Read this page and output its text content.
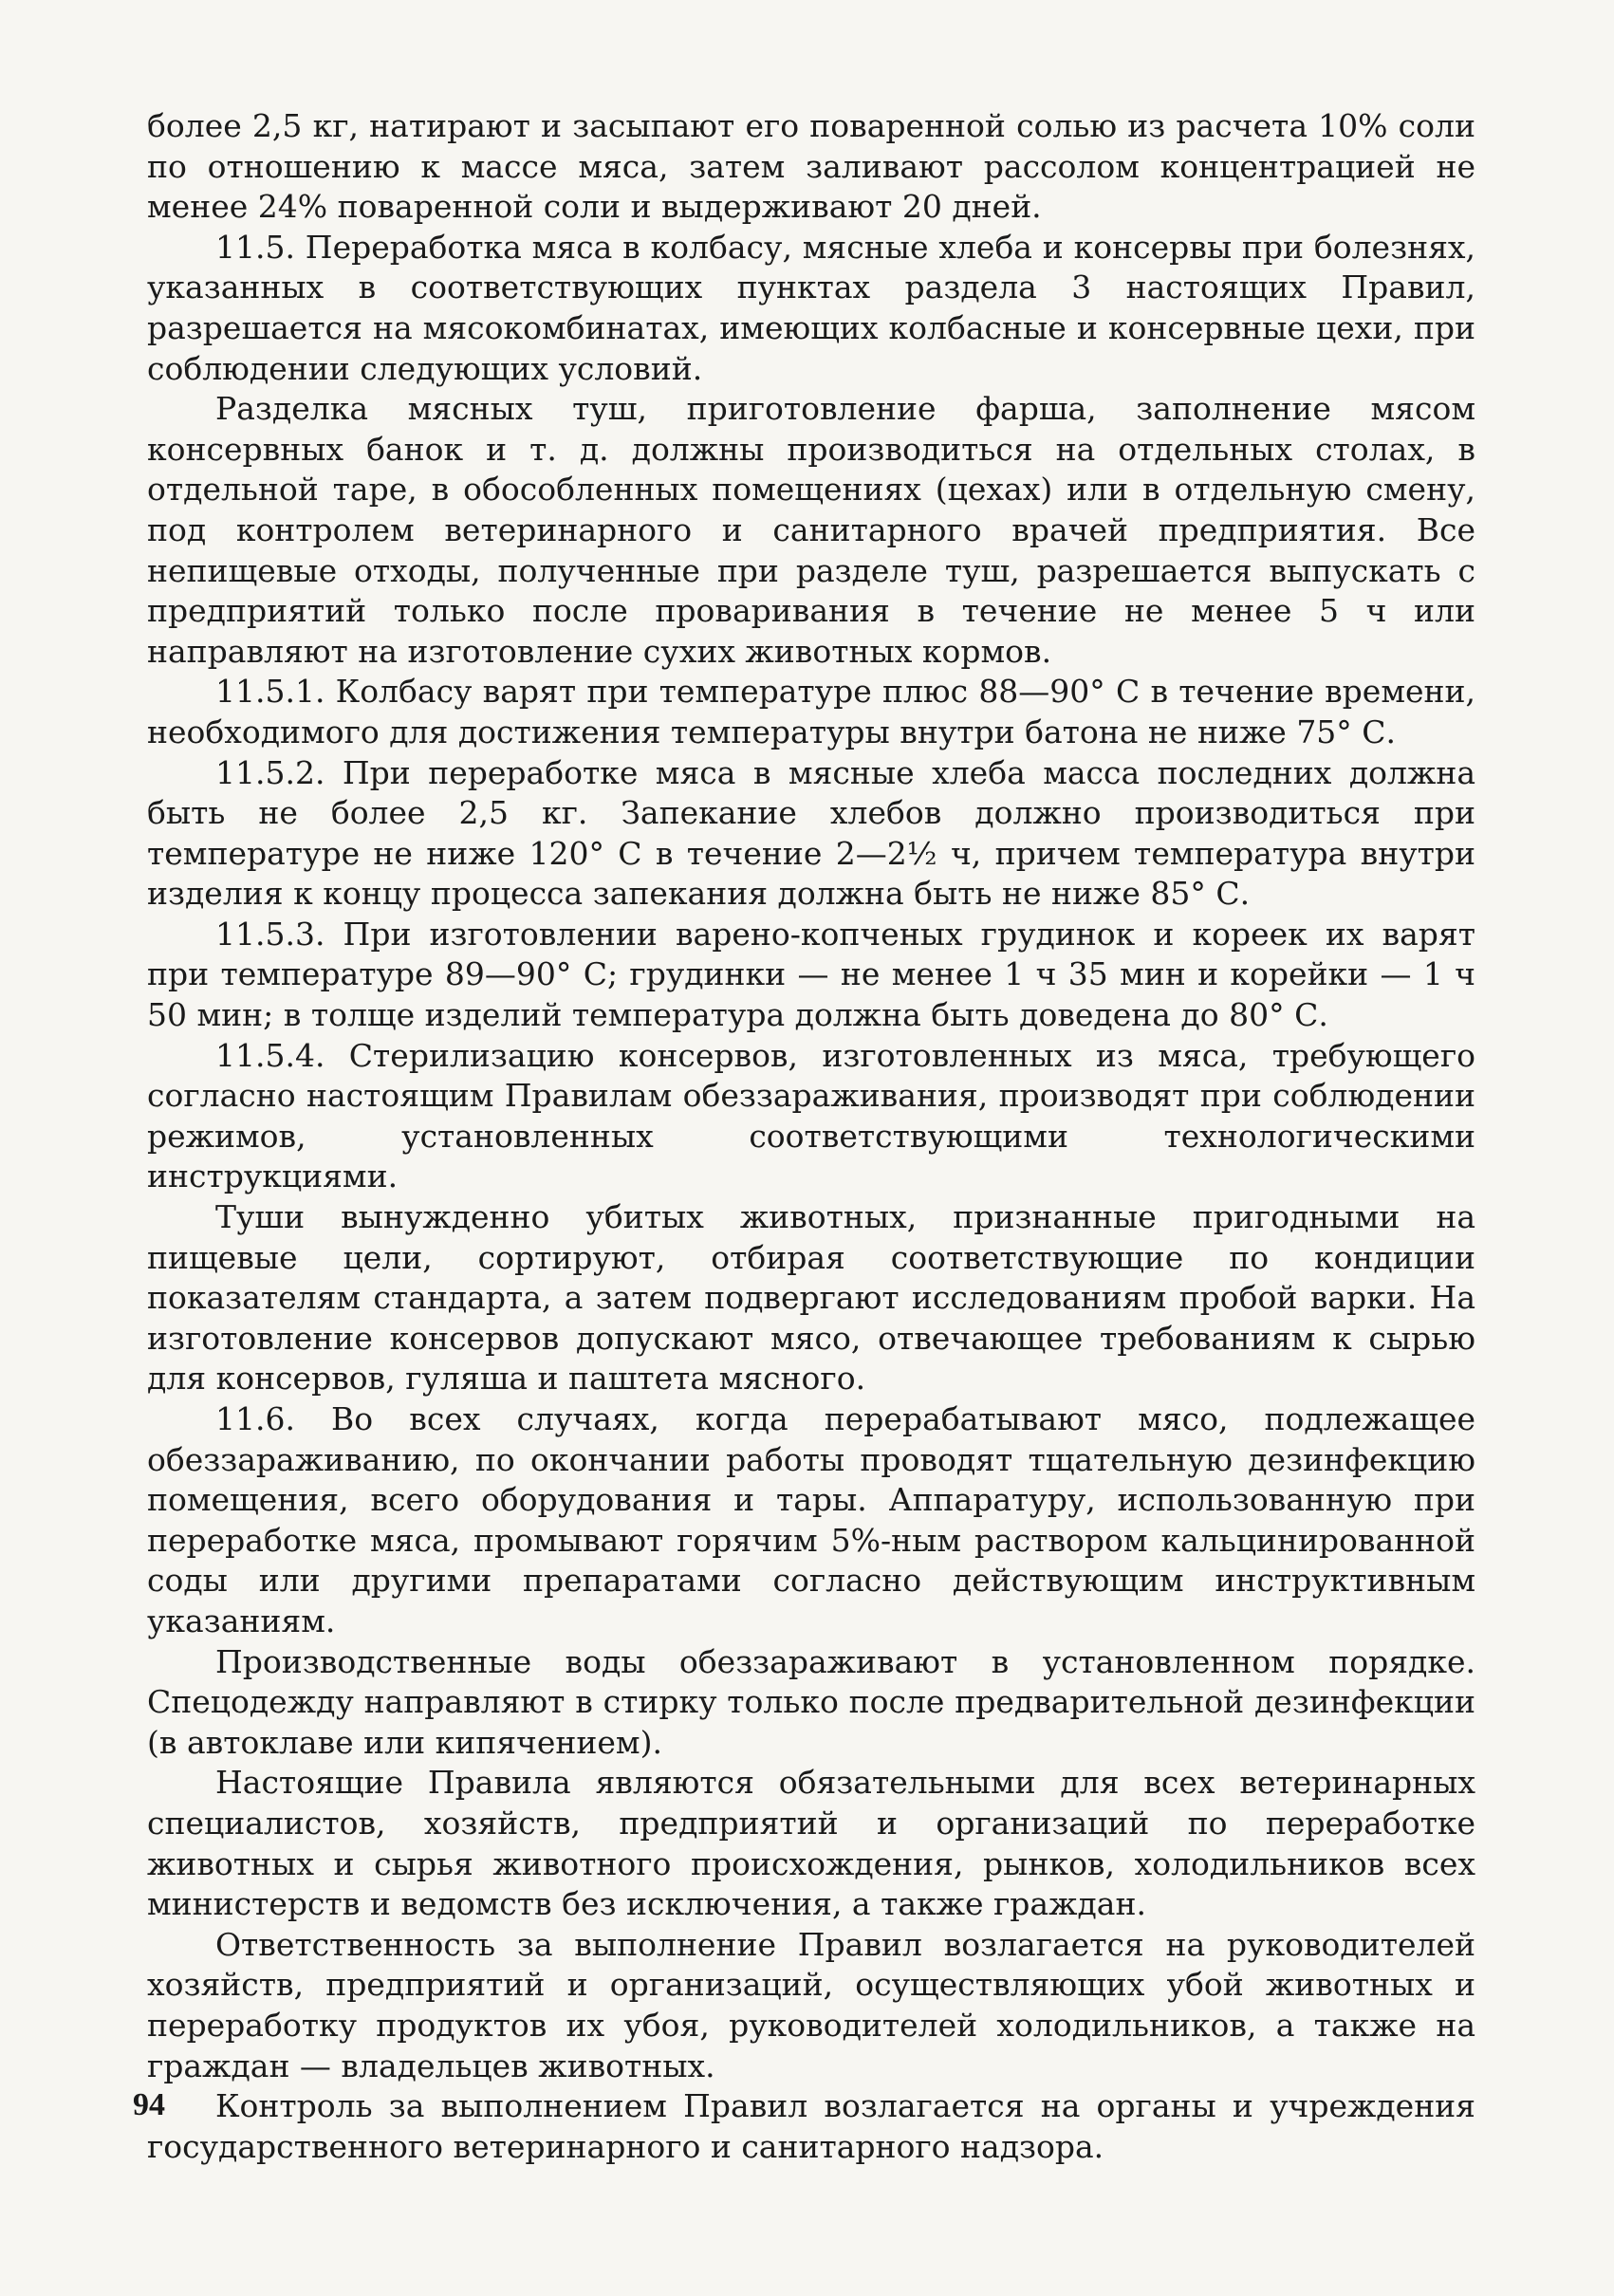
более 2,5 кг, натирают и засыпают его поваренной солью из расчета 10% соли по отношению к массе мяса, затем заливают рассолом концентрацией не менее 24% поваренной соли и выдерживают 20 дней.

11.5. Переработка мяса в колбасу, мясные хлеба и консервы при болезнях, указанных в соответствующих пунктах раздела 3 настоящих Правил, разрешается на мясокомбинатах, имеющих колбасные и консервные цехи, при соблюдении следующих условий.

Разделка мясных туш, приготовление фарша, заполнение мясом консервных банок и т. д. должны производиться на отдельных столах, в отдельной таре, в обособленных помещениях (цехах) или в отдельную смену, под контролем ветеринарного и санитарного врачей предприятия. Все непищевые отходы, полученные при разделе туш, разрешается выпускать с предприятий только после проваривания в течение не менее 5 ч или направляют на изготовление сухих животных кормов.

11.5.1. Колбасу варят при температуре плюс 88—90° С в течение времени, необходимого для достижения температуры внутри батона не ниже 75° С.

11.5.2. При переработке мяса в мясные хлеба масса последних должна быть не более 2,5 кг. Запекание хлебов должно производиться при температуре не ниже 120° С в течение 2—2½ ч, причем температура внутри изделия к концу процесса запекания должна быть не ниже 85° С.

11.5.3. При изготовлении варено-копченых грудинок и кореек их варят при температуре 89—90° С; грудинки — не менее 1 ч 35 мин и корейки — 1 ч 50 мин; в толще изделий температура должна быть доведена до 80° С.

11.5.4. Стерилизацию консервов, изготовленных из мяса, требующего согласно настоящим Правилам обеззараживания, производят при соблюдении режимов, установленных соответствующими технологическими инструкциями.

Туши вынужденно убитых животных, признанные пригодными на пищевые цели, сортируют, отбирая соответствующие по кондиции показателям стандарта, а затем подвергают исследованиям пробой варки. На изготовление консервов допускают мясо, отвечающее требованиям к сырью для консервов, гуляша и паштета мясного.

11.6. Во всех случаях, когда перерабатывают мясо, подлежащее обеззараживанию, по окончании работы проводят тщательную дезинфекцию помещения, всего оборудования и тары. Аппаратуру, использованную при переработке мяса, промывают горячим 5%-ным раствором кальцинированной соды или другими препаратами согласно действующим инструктивным указаниям.

Производственные воды обеззараживают в установленном порядке. Спецодежду направляют в стирку только после предварительной дезинфекции (в автоклаве или кипячением).

Настоящие Правила являются обязательными для всех ветеринарных специалистов, хозяйств, предприятий и организаций по переработке животных и сырья животного происхождения, рынков, холодильников всех министерств и ведомств без исключения, а также граждан.

Ответственность за выполнение Правил возлагается на руководителей хозяйств, предприятий и организаций, осуществляющих убой животных и переработку продуктов их убоя, руководителей холодильников, а также на граждан — владельцев животных.

Контроль за выполнением Правил возлагается на органы и учреждения государственного ветеринарного и санитарного надзора.

94
